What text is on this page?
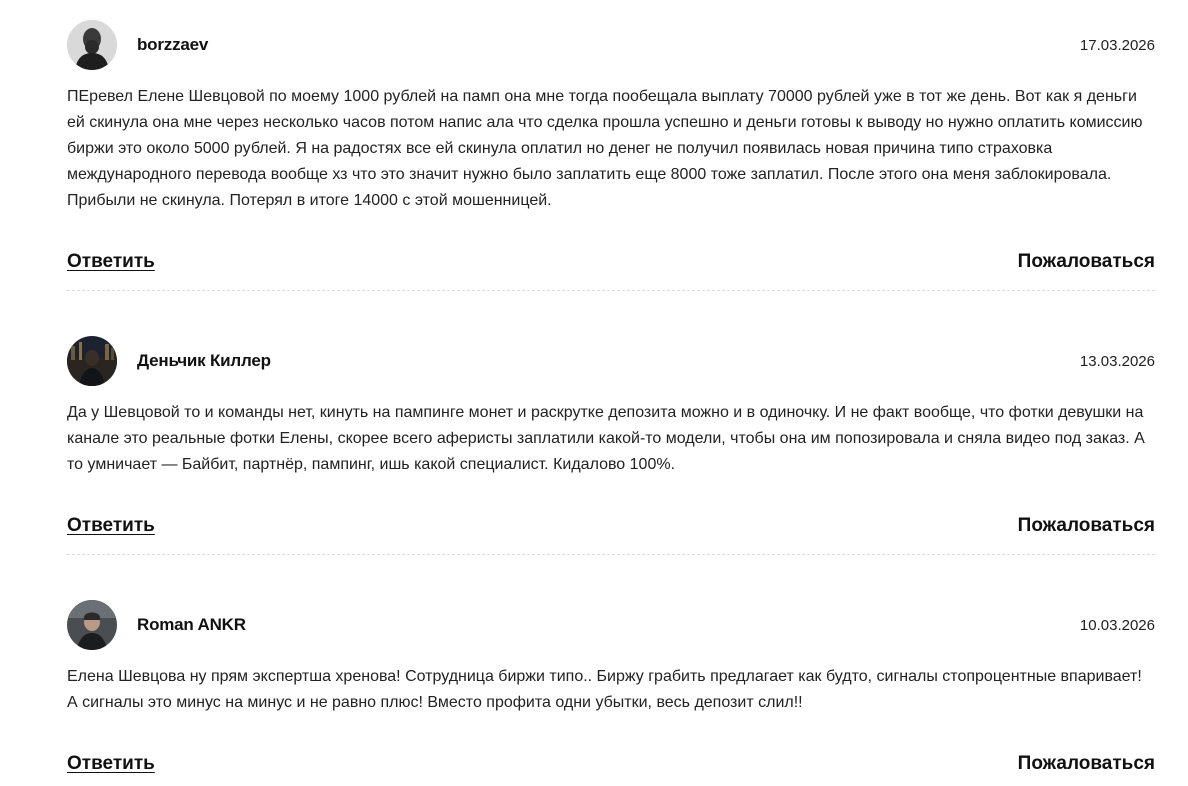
borzzaev	17.03.2026

ПЕревел Елене Шевцовой по моему 1000 рублей на памп она мне тогда пообещала выплату 70000 рублей уже в тот же день. Вот как я деньги ей скинула она мне через несколько часов потом напис ала что сделка прошла успешно и деньги готовы к выводу но нужно оплатить комиссию биржи это около 5000 рублей. Я на радостях все ей скинула оплатил но денег не получил появилась новая причина типо страховка международного перевода вообще хз что это значит нужно было заплатить еще 8000 тоже заплатил. После этого она меня заблокировала. Прибыли не скинула. Потерял в итоге 14000 с этой мошенницей.

Ответить	Пожаловаться
Деньчик Киллер	13.03.2026

Да у Шевцовой то и команды нет, кинуть на пампинге монет и раскрутке депозита можно и в одиночку. И не факт вообще, что фотки девушки на канале это реальные фотки Елены, скорее всего аферисты заплатили какой-то модели, чтобы она им попозировала и сняла видео под заказ. А то умничает — Байбит, партнёр, пампинг, ишь какой специалист. Кидалово 100%.

Ответить	Пожаловаться
Roman ANKR	10.03.2026

Елена Шевцова ну прям экспертша хренова! Сотрудница биржи типо.. Биржу грабить предлагает как будто, сигналы стопроцентные впаривает! А сигналы это минус на минус и не равно плюс! Вместо профита одни убытки, весь депозит слил!!

Ответить	Пожаловаться
